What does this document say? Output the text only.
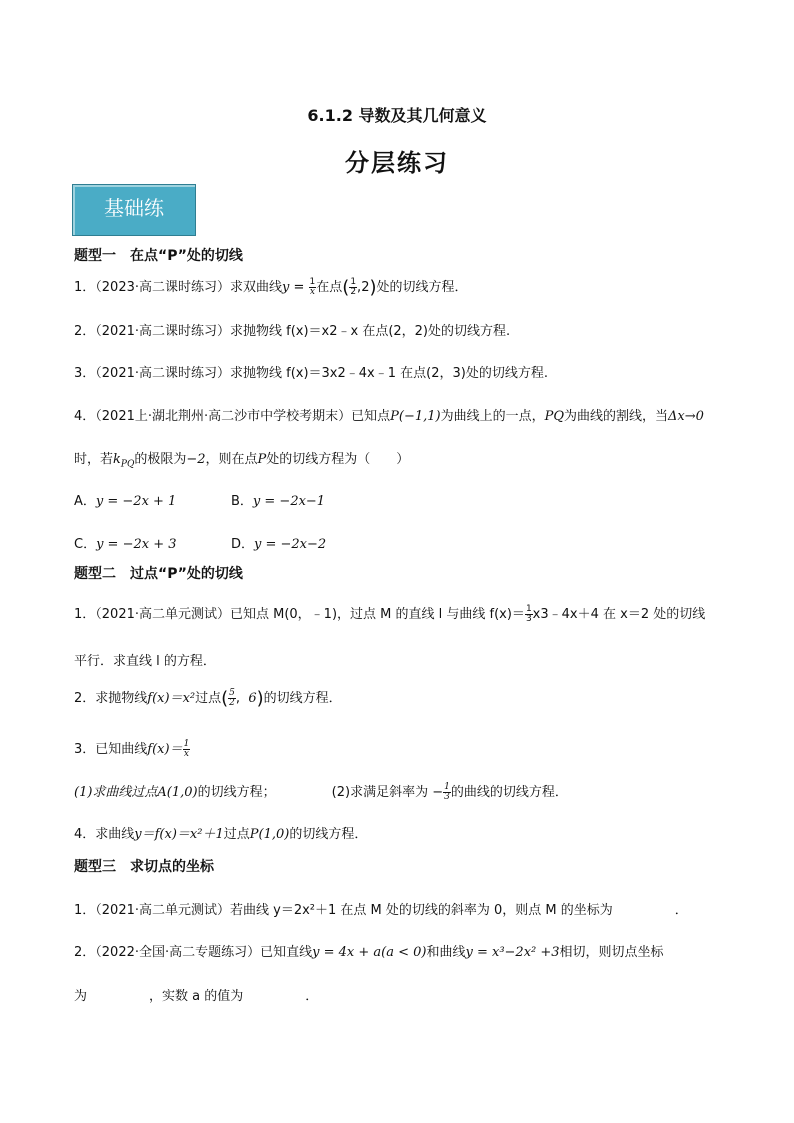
6.1.2 导数及其几何意义
分层练习
基础练
题型一　在点“P”处的切线
1．（2023·高二课时练习）求双曲线$y = \frac{1}{x}$ 在点( $\frac{1}{2} ,2$)处的切线方程．
2．（2021·高二课时练习）求抛物线 f(x)＝x2﹣x 在点(2，2)处的切线方程.
3．（2021·高二课时练习）求抛物线 f(x)＝3x2﹣4x﹣1 在点(2，3)处的切线方程.
4．（2021上·湖北荆州·高二沙市中学校考期末）已知点P(−1,1)为曲线上的一点，PQ为曲线的割线，当Δx→0
时，若$k_{PQ}$的极限为−2，则在点P处的切线方程为（　　）
A．y = −2x + 1	B．y = −2x−1
C．y = −2x + 3	D．y = −2x−2
题型二　过点“P”处的切线
1．（2021·高二单元测试）已知点 M(0，﹣1)，过点 M 的直线 l 与曲线 $f(x)= \frac{1}{3}$ x3﹣4x＋4 在 x＝2 处的切线
平行．求直线 l 的方程．
2．求抛物线f(x)＝x²过点( $\frac{5}{2}$ ,  6)的切线方程．
3．已知曲线$f(x)= \frac{1}{x}$
(1)求曲线过点A(1,0)的切线方程；	(2)求满足斜率为 − $\frac{1}{3}$ 的曲线的切线方程．
4．求曲线y＝f(x)＝x²＋1过点P(1,0)的切线方程．
题型三　求切点的坐标
1．（2021·高二单元测试）若曲线 y＝2x²＋1 在点 M 处的切线的斜率为 0，则点 M 的坐标为	．
2．（2022·全国·高二专题练习）已知直线y = 4x + a(a < 0)和曲线y = x³−2x² +3相切，则切点坐标
为	，实数 a 的值为	．
